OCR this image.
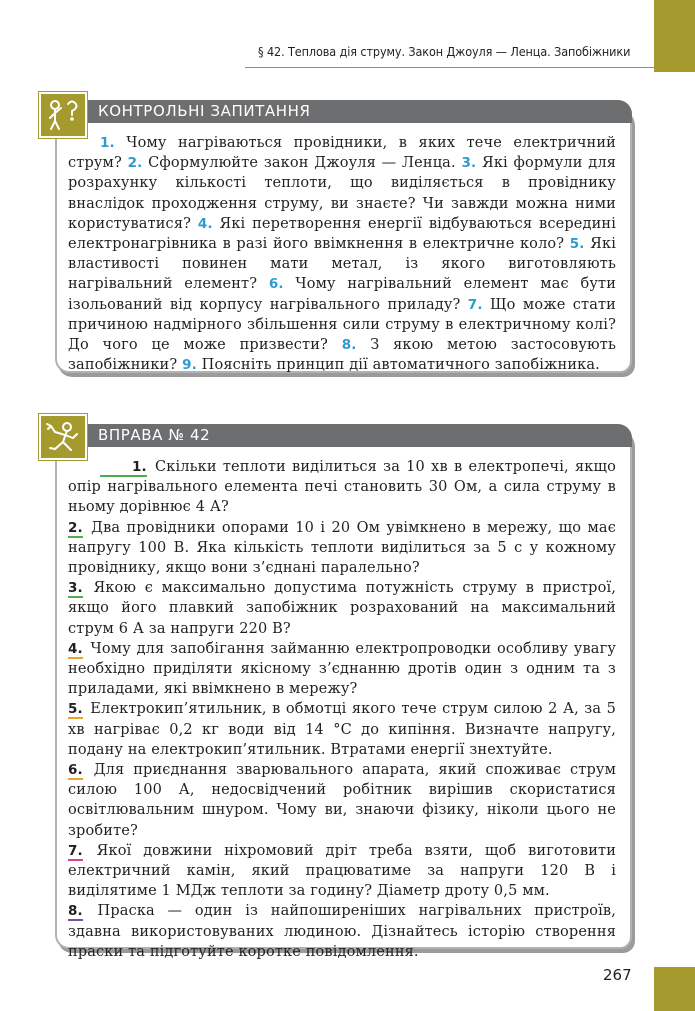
§ 42. Теплова дія струму. Закон Джоуля — Ленца. Запобіжники
КОНТРОЛЬНІ ЗАПИТАННЯ

1. Чому нагріваються провідники, в яких тече електричний струм? 2. Сформулюйте закон Джоуля — Ленца. 3. Які формули для розрахунку кількості теплоти, що виділяється в провіднику внаслідок проходження струму, ви знаєте? Чи завжди можна ними користуватися? 4. Які перетворення енергії відбуваються всередині електронагрівника в разі його ввімкнення в електричне коло? 5. Які властивості повинен мати метал, із якого виготовляють нагрівальний елемент? 6. Чому нагрівальний елемент має бути ізольований від корпусу нагрівального приладу? 7. Що може стати причиною надмірного збільшення сили струму в електричному колі? До чого це може призвести? 8. З якою метою застосовують запобіжники? 9. Поясніть принцип дії автоматичного запобіжника.

ВПРАВА № 42

1. Скільки теплоти виділиться за 10 хв в електропечі, якщо опір нагрівального елемента печі становить 30 Ом, а сила струму в ньому дорівнює 4 А?

2. Два провідники опорами 10 і 20 Ом увімкнено в мережу, що має напругу 100 В. Яка кількість теплоти виділиться за 5 с у кожному провіднику, якщо вони з’єднані паралельно?

3. Якою є максимально допустима потужність струму в пристрої, якщо його плавкий запобіжник розрахований на максимальний струм 6 А за напруги 220 В?

4. Чому для запобігання займанню електропроводки особливу увагу необхідно приділяти якісному з’єднанню дротів один з одним та з приладами, які ввімкнено в мережу?

5. Електрокип’ятильник, в обмотці якого тече струм силою 2 А, за 5 хв нагріває 0,2 кг води від 14 °С до кипіння. Визначте напругу, подану на електрокип’ятильник. Втратами енергії знехтуйте.

6. Для приєднання зварювального апарата, який споживає струм силою 100 А, недосвідчений робітник вирішив скористатися освітлювальним шнуром. Чому ви, знаючи фізику, ніколи цього не зробите?

7. Якої довжини ніхромовий дріт треба взяти, щоб виготовити електричний камін, який працюватиме за напруги 120 В і виділятиме 1 МДж теплоти за годину? Діаметр дроту 0,5 мм.

8. Праска — один із найпоширеніших нагрівальних пристроїв, здавна використовуваних людиною. Дізнайтесь історію створення праски та підготуйте коротке повідомлення.

267
